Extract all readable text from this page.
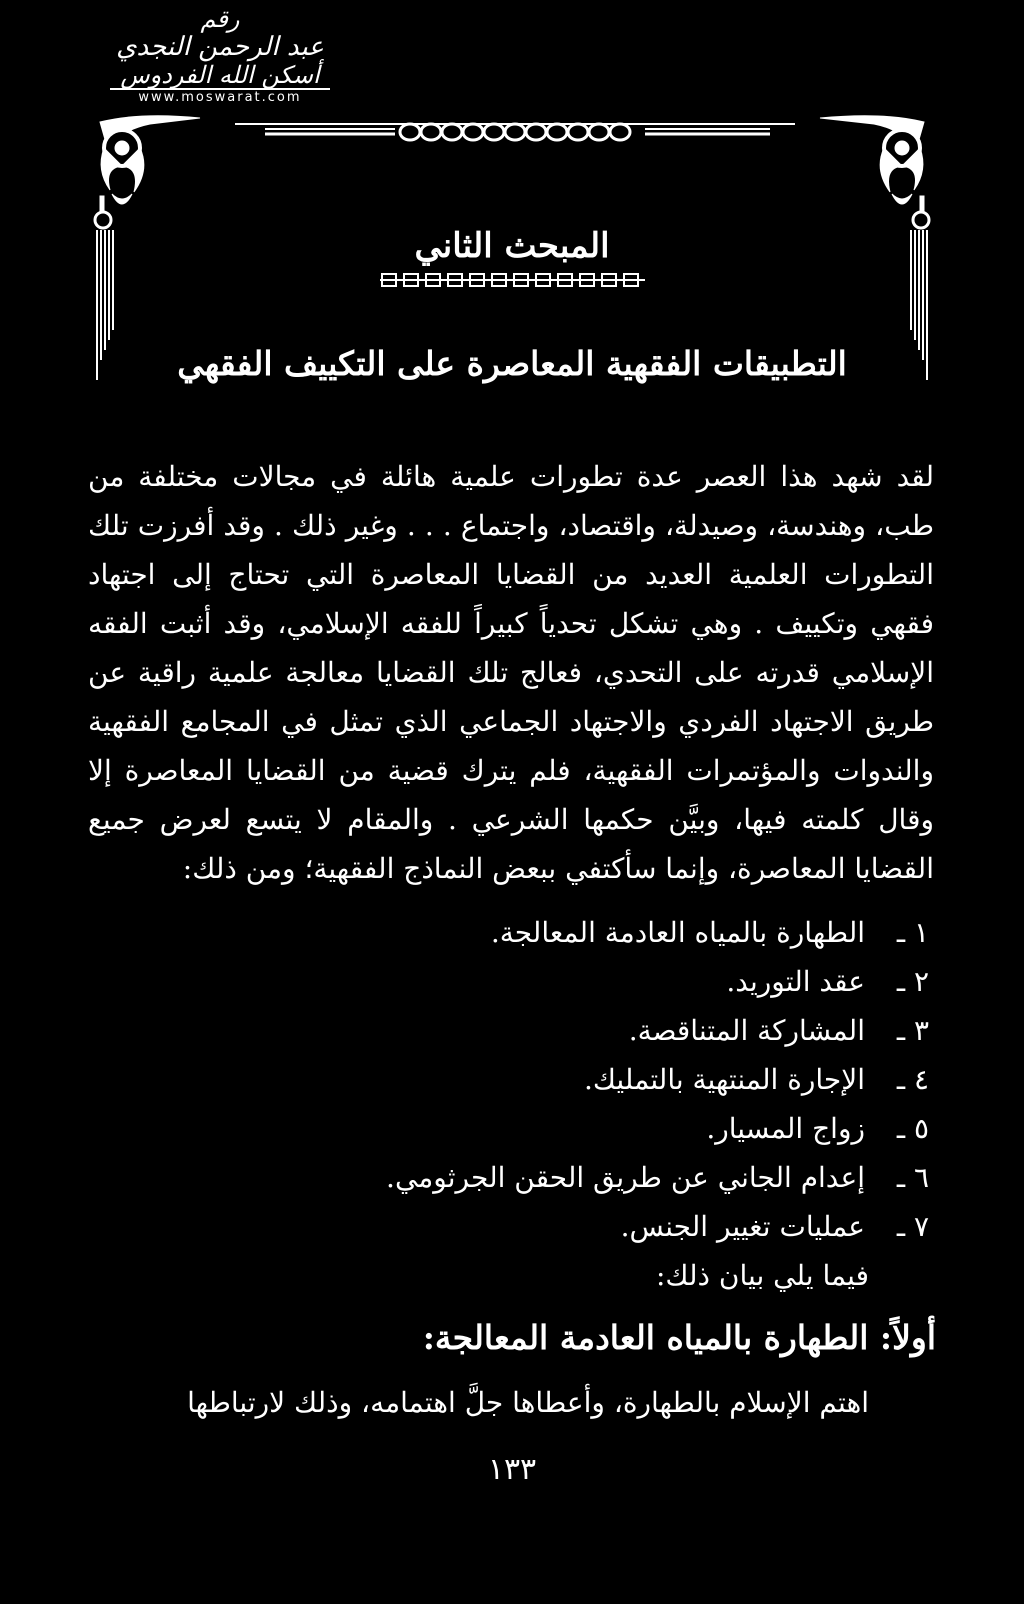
رقم
عبد الرحمن النجدي
أسكن الله الفردوس
www.moswarat.com
المبحث الثاني
التطبيقات الفقهية المعاصرة على التكييف الفقهي
لقد شهد هذا العصر عدة تطورات علمية هائلة في مجالات مختلفة من طب، وهندسة، وصيدلة، واقتصاد، واجتماع . . . وغير ذلك . وقد أفرزت تلك التطورات العلمية العديد من القضايا المعاصرة التي تحتاج إلى اجتهاد فقهي وتكييف . وهي تشكل تحدياً كبيراً للفقه الإسلامي، وقد أثبت الفقه الإسلامي قدرته على التحدي، فعالج تلك القضايا معالجة علمية راقية عن طريق الاجتهاد الفردي والاجتهاد الجماعي الذي تمثل في المجامع الفقهية والندوات والمؤتمرات الفقهية، فلم يترك قضية من القضايا المعاصرة إلا وقال كلمته فيها، وبيَّن حكمها الشرعي . والمقام لا يتسع لعرض جميع القضايا المعاصرة، وإنما سأكتفي ببعض النماذج الفقهية؛ ومن ذلك:
١ ـالطهارة بالمياه العادمة المعالجة.
٢ ـعقد التوريد.
٣ ـالمشاركة المتناقصة.
٤ ـالإجارة المنتهية بالتمليك.
٥ ـزواج المسيار.
٦ ـإعدام الجاني عن طريق الحقن الجرثومي.
٧ ـعمليات تغيير الجنس.
فيما يلي بيان ذلك:
أولاً: الطهارة بالمياه العادمة المعالجة:
اهتم الإسلام بالطهارة، وأعطاها جلَّ اهتمامه، وذلك لارتباطها
١٣٣
